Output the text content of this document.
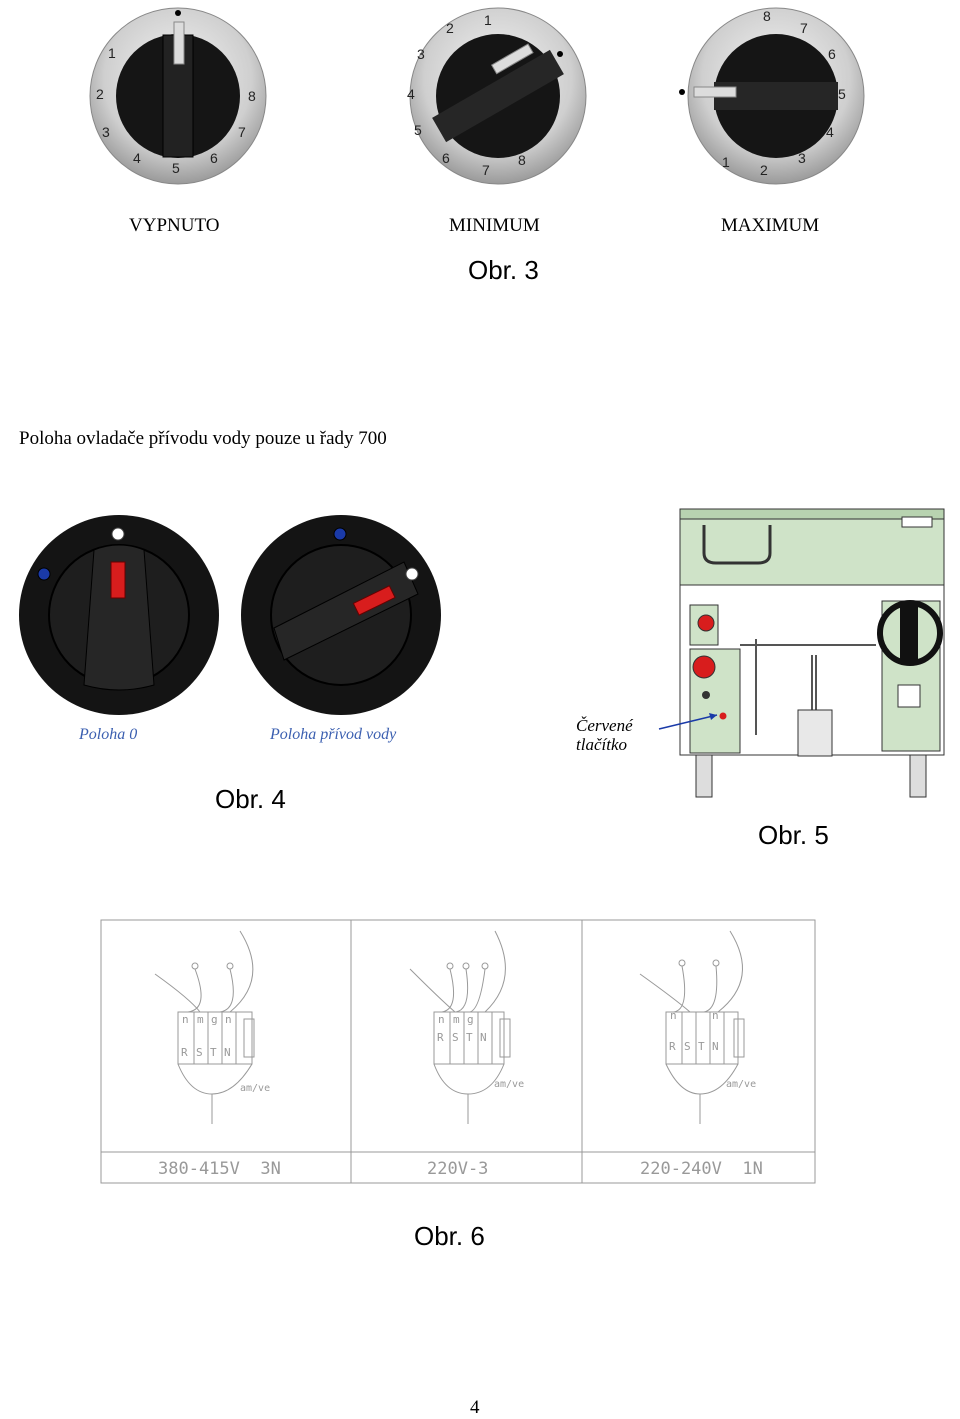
1
2
3
4
5
6
7
8
1
2
3
4
5
6
7
8	1 2
3
4
5
6
7
8
VYPNUTO	MINIMUM	MAXIMUM
Obr. 3
Poloha ovladače přívodu vody pouze u řady 700
Poloha 0	Poloha přívod vody
Obr. 4
Červené
tlačítko
Obr. 5
n m g n
R S T N
n m g
R S T N
n	n
R S T N
am/ve	am/ve	am/ve
380-415V  3N	220V-3	220-240V  1N
Obr. 6
4
